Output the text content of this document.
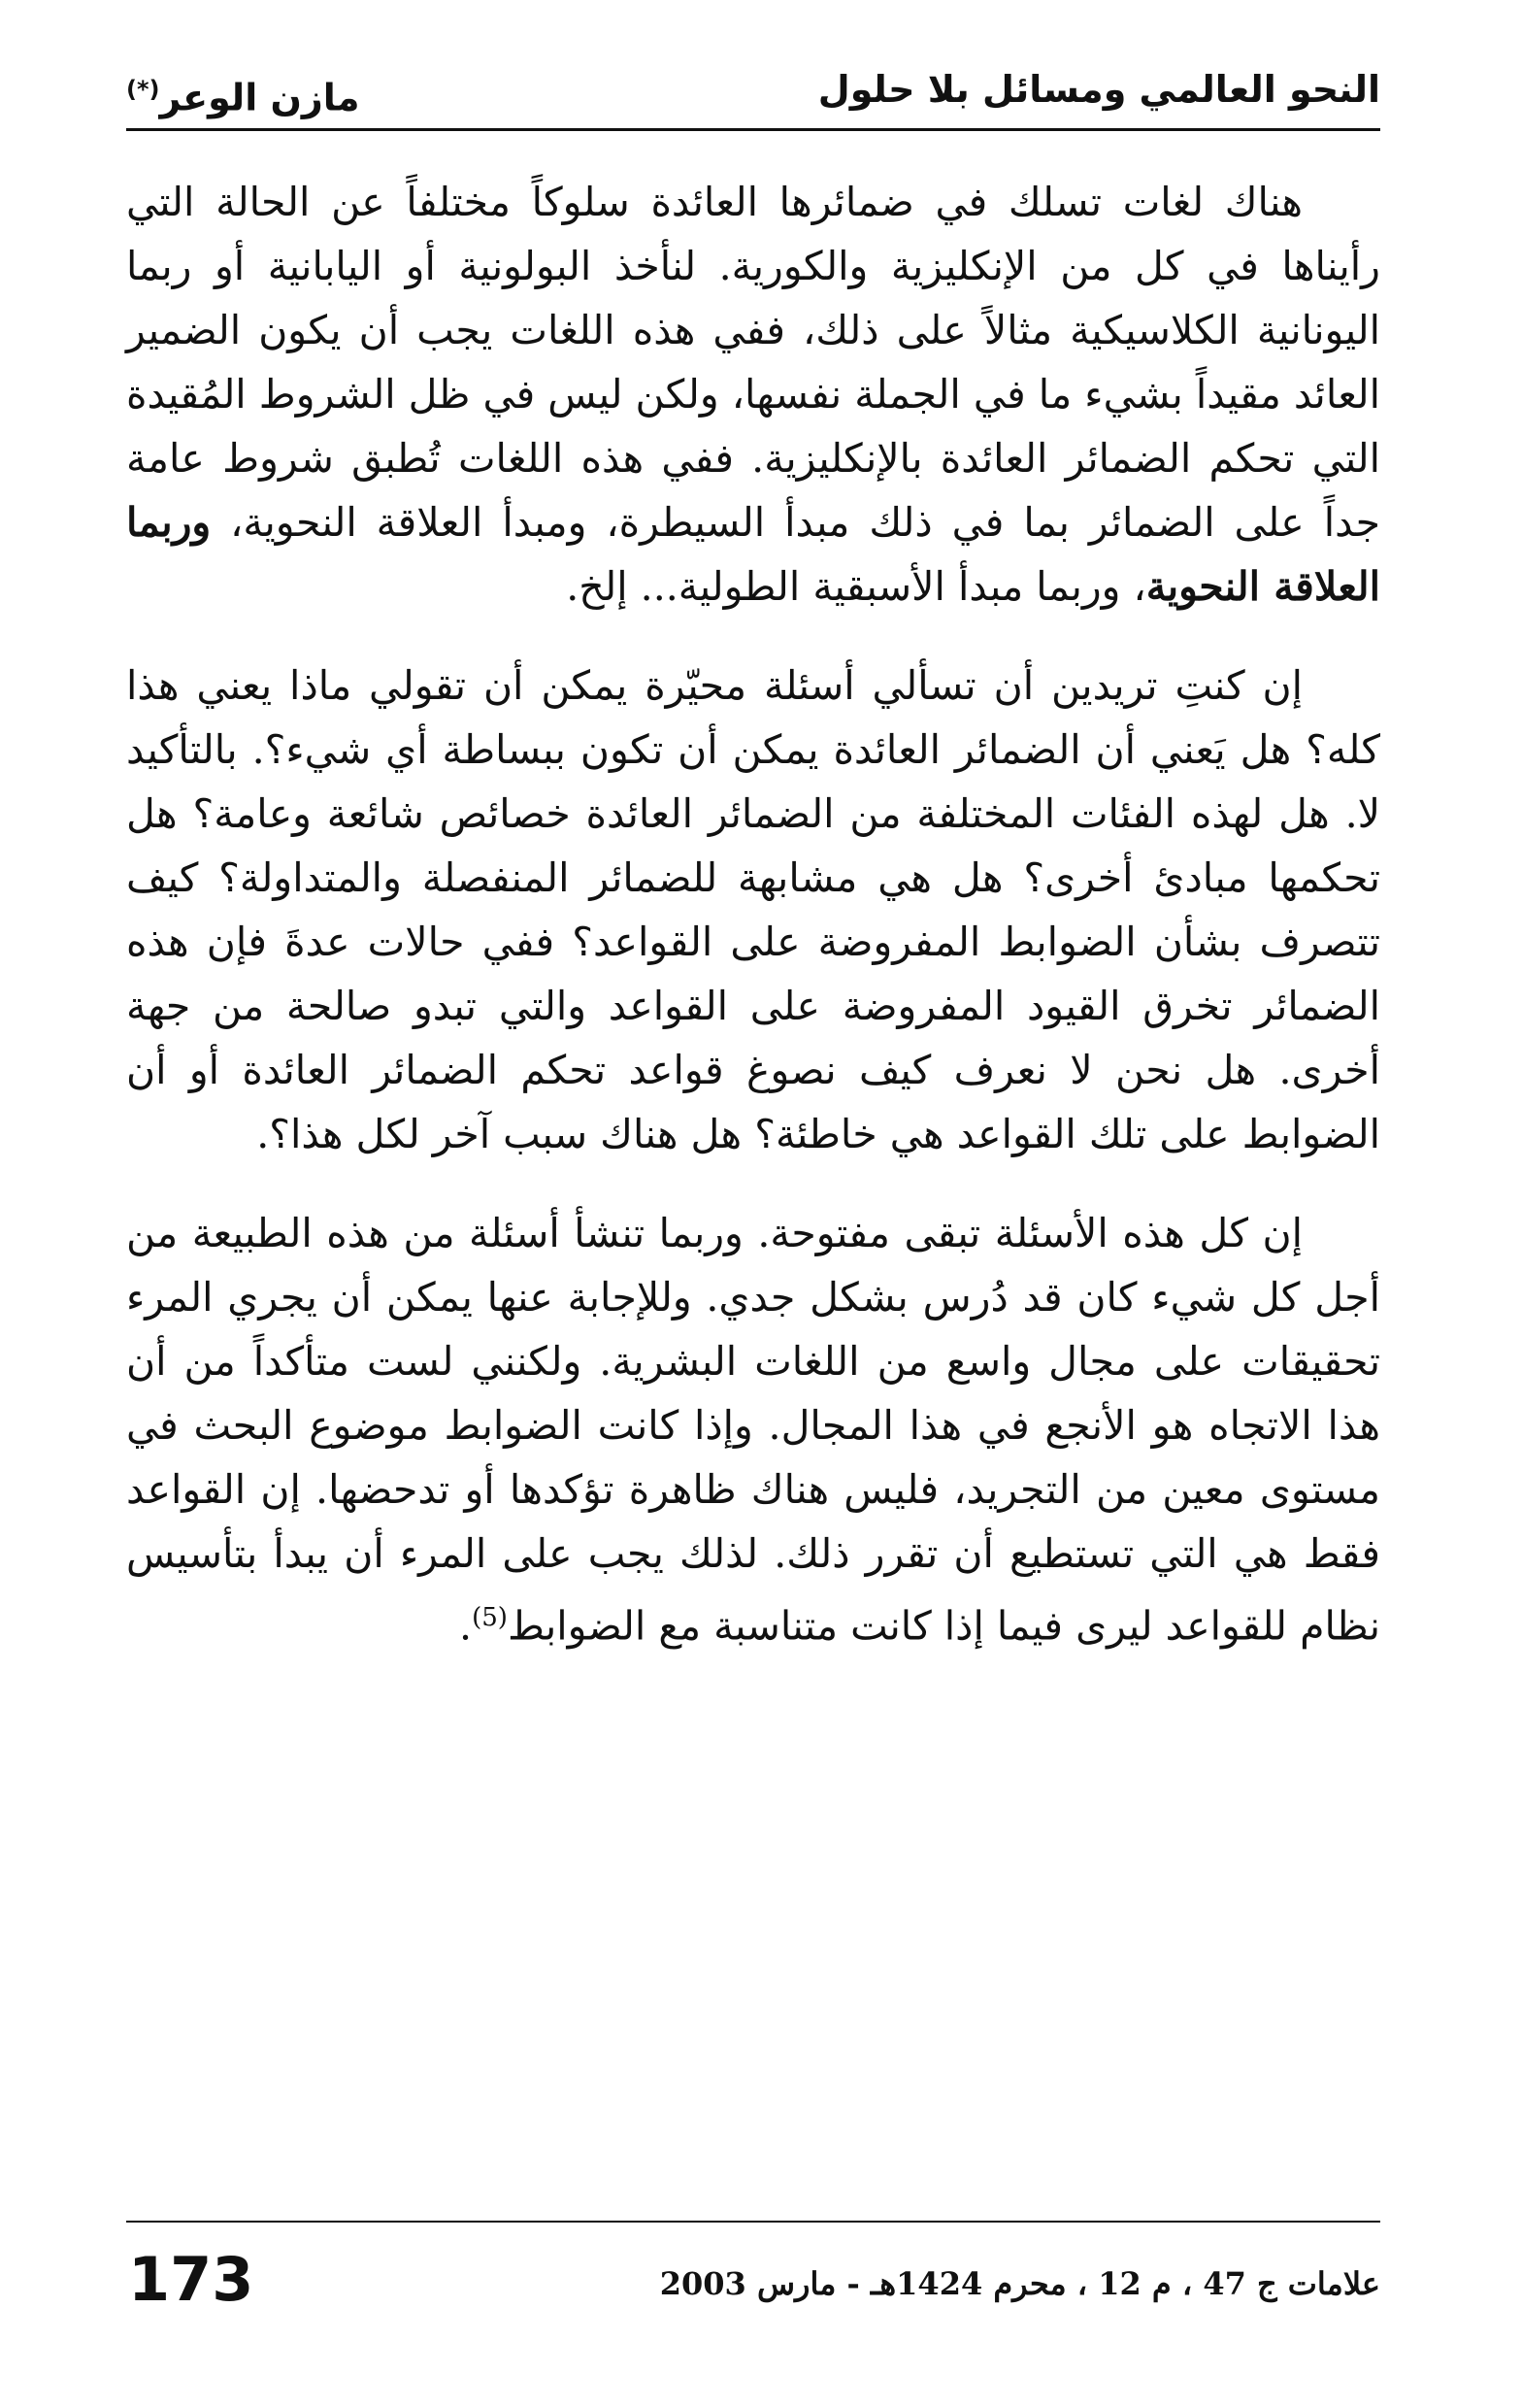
النحو العالمي ومسائل بلا حلول
مازن الوعر(*)

هناك لغات تسلك في ضمائرها العائدة سلوكاً مختلفاً عن الحالة التي رأيناها في كل من الإنكليزية والكورية. لنأخذ البولونية أو اليابانية أو ربما اليونانية الكلاسيكية مثالاً على ذلك، ففي هذه اللغات يجب أن يكون الضمير العائد مقيداً بشيء ما في الجملة نفسها، ولكن ليس في ظل الشروط المُقيدة التي تحكم الضمائر العائدة بالإنكليزية. ففي هذه اللغات تُطبق شروط عامة جداً على الضمائر بما في ذلك مبدأ السيطرة، ومبدأ العلاقة النحوية، وربما العلاقة النحوية، وربما مبدأ الأسبقية الطولية... إلخ.

إن كنتِ تريدين أن تسألي أسئلة محيّرة يمكن أن تقولي ماذا يعني هذا كله؟ هل يَعني أن الضمائر العائدة يمكن أن تكون ببساطة أي شيء؟. بالتأكيد لا. هل لهذه الفئات المختلفة من الضمائر العائدة خصائص شائعة وعامة؟ هل تحكمها مبادئ أخرى؟ هل هي مشابهة للضمائر المنفصلة والمتداولة؟ كيف تتصرف بشأن الضوابط المفروضة على القواعد؟ ففي حالات عدةَ فإن هذه الضمائر تخرق القيود المفروضة على القواعد والتي تبدو صالحة من جهة أخرى. هل نحن لا نعرف كيف نصوغ قواعد تحكم الضمائر العائدة أو أن الضوابط على تلك القواعد هي خاطئة؟ هل هناك سبب آخر لكل هذا؟.

إن كل هذه الأسئلة تبقى مفتوحة. وربما تنشأ أسئلة من هذه الطبيعة من أجل كل شيء كان قد دُرس بشكل جدي. وللإجابة عنها يمكن أن يجري المرء تحقيقات على مجال واسع من اللغات البشرية. ولكنني لست متأكداً من أن هذا الاتجاه هو الأنجع في هذا المجال. وإذا كانت الضوابط موضوع البحث في مستوى معين من التجريد، فليس هناك ظاهرة تؤكدها أو تدحضها. إن القواعد فقط هي التي تستطيع أن تقرر ذلك. لذلك يجب على المرء أن يبدأ بتأسيس نظام للقواعد ليرى فيما إذا كانت متناسبة مع الضوابط$^{(5)}$.

173	علامات ج 47 ، م 12 ، محرم 1424هـ - مارس 2003
